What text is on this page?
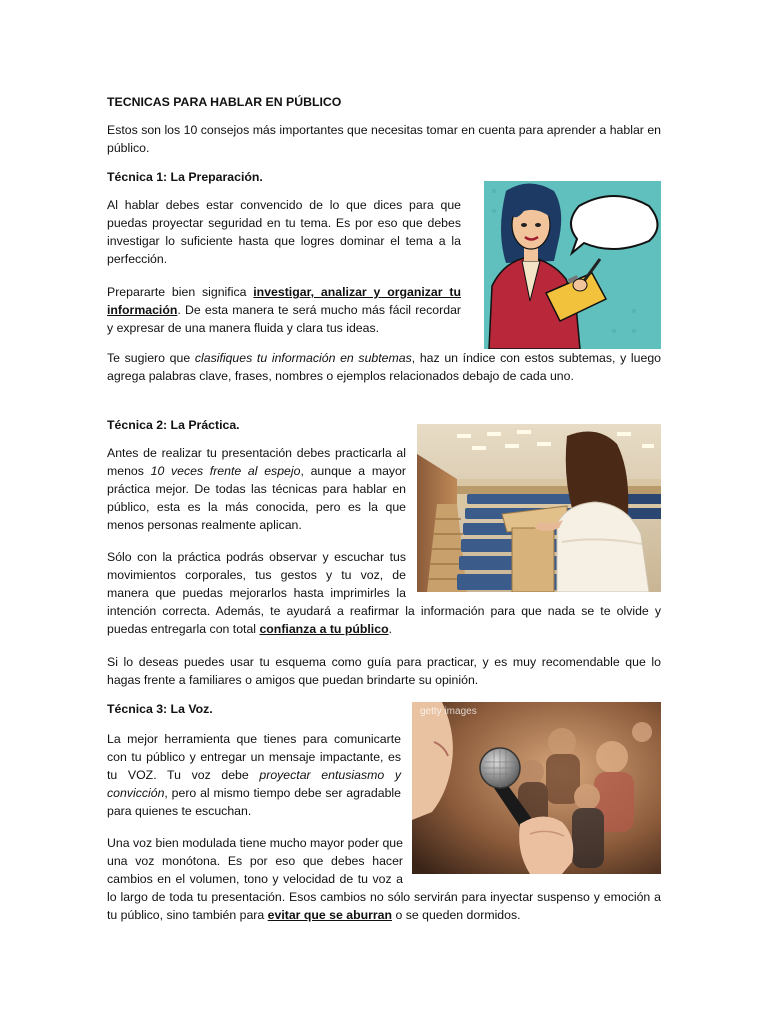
TECNICAS PARA HABLAR EN PÚBLICO

Estos son los 10 consejos más importantes que necesitas tomar en cuenta para aprender a hablar en público.

Técnica 1: La Preparación.

Al hablar debes estar convencido de lo que dices para que puedas proyectar seguridad en tu tema. Es por eso que debes investigar lo suficiente hasta que logres dominar el tema a la perfección.

Prepararte bien significa investigar, analizar y organizar tu información. De esta manera te será mucho más fácil recordar y expresar de una manera fluida y clara tus ideas.

Te sugiero que clasifiques tu información en subtemas, haz un índice con estos subtemas, y luego agrega palabras clave, frases, nombres o ejemplos relacionados debajo de cada uno.

Técnica 2: La Práctica.

Antes de realizar tu presentación debes practicarla al menos 10 veces frente al espejo, aunque a mayor práctica mejor. De todas las técnicas para hablar en público, esta es la más conocida, pero es la que menos personas realmente aplican.

Sólo con la práctica podrás observar y escuchar tus movimientos corporales, tus gestos y tu voz, de manera que puedas mejorarlos hasta imprimirles la intención correcta. Además, te ayudará a reafirmar la información para que nada se te olvide y puedas entregarla con total confianza a tu público.

Si lo deseas puedes usar tu esquema como guía para practicar, y es muy recomendable que lo hagas frente a familiares o amigos que puedan brindarte su opinión.

Técnica 3: La Voz.

La mejor herramienta que tienes para comunicarte con tu público y entregar un mensaje impactante, es tu VOZ. Tu voz debe proyectar entusiasmo y convicción, pero al mismo tiempo debe ser agradable para quienes te escuchan.

Una voz bien modulada tiene mucho mayor poder que una voz monótona. Es por eso que debes hacer cambios en el volumen, tono y velocidad de tu voz a lo largo de toda tu presentación. Esos cambios no sólo servirán para inyectar suspenso y emoción a tu público, sino también para evitar que se aburran o se queden dormidos.

getty images
